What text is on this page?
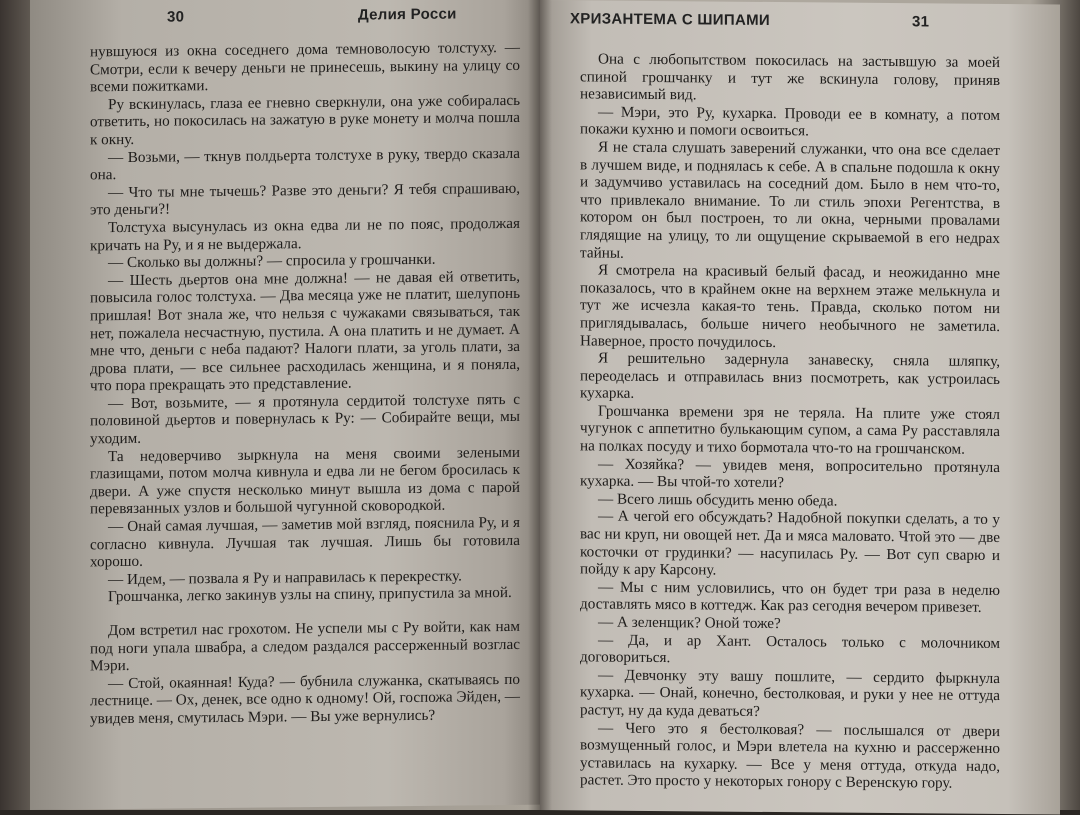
30	Делия Росси

нувшуюся из окна соседнего дома темноволосую толстуху. — Смотри, если к вечеру деньги не принесешь, выкину на улицу со всеми пожитками.

Ру вскинулась, глаза ее гневно сверкнули, она уже собиралась ответить, но покосилась на зажатую в руке монету и молча пошла к окну.

— Возьми, — ткнув полдьерта толстухе в руку, твердо сказала она.

— Что ты мне тычешь? Разве это деньги? Я тебя спрашиваю, это деньги?!

Толстуха высунулась из окна едва ли не по пояс, продолжая кричать на Ру, и я не выдержала.

— Сколько вы должны? — спросила у грошчанки.

— Шесть дьертов она мне должна! — не давая ей ответить, повысила голос толстуха. — Два месяца уже не платит, шелупонь пришлая! Вот знала же, что нельзя с чужаками связываться, так нет, пожалела несчастную, пустила. А она платить и не думает. А мне что, деньги с неба падают? Налоги плати, за уголь плати, за дрова плати, — все сильнее расходилась женщина, и я поняла, что пора прекращать это представление.

— Вот, возьмите, — я протянула сердитой толстухе пять с половиной дьертов и повернулась к Ру: — Собирайте вещи, мы уходим.

Та недоверчиво зыркнула на меня своими зелеными глазищами, потом молча кивнула и едва ли не бегом бросилась к двери. А уже спустя несколько минут вышла из дома с парой перевязанных узлов и большой чугунной сковородкой.

— Онай самая лучшая, — заметив мой взгляд, пояснила Ру, и я согласно кивнула. Лучшая так лучшая. Лишь бы готовила хорошо.

— Идем, — позвала я Ру и направилась к перекрестку.

Грошчанка, легко закинув узлы на спину, припустила за мной.

Дом встретил нас грохотом. Не успели мы с Ру войти, как нам под ноги упала швабра, а следом раздался рассерженный возглас Мэри.

— Стой, окаянная! Куда? — бубнила служанка, скатываясь по лестнице. — Ох, денек, все одно к одному! Ой, госпожа Эйден, — увидев меня, смутилась Мэри. — Вы уже вернулись?

ХРИЗАНТЕМА С ШИПАМИ	31

Она с любопытством покосилась на застывшую за моей спиной грошчанку и тут же вскинула голову, приняв независимый вид.

— Мэри, это Ру, кухарка. Проводи ее в комнату, а потом покажи кухню и помоги освоиться.

Я не стала слушать заверений служанки, что она все сделает в лучшем виде, и поднялась к себе. А в спальне подошла к окну и задумчиво уставилась на соседний дом. Было в нем что-то, что привлекало внимание. То ли стиль эпохи Регентства, в котором он был построен, то ли окна, черными провалами глядящие на улицу, то ли ощущение скрываемой в его недрах тайны.

Я смотрела на красивый белый фасад, и неожиданно мне показалось, что в крайнем окне на верхнем этаже мелькнула и тут же исчезла какая-то тень. Правда, сколько потом ни приглядывалась, больше ничего необычного не заметила. Наверное, просто почудилось.

Я решительно задернула занавеску, сняла шляпку, переоделась и отправилась вниз посмотреть, как устроилась кухарка.

Грошчанка времени зря не теряла. На плите уже стоял чугунок с аппетитно булькающим супом, а сама Ру расставляла на полках посуду и тихо бормотала что-то на грошчанском.

— Хозяйка? — увидев меня, вопросительно протянула кухарка. — Вы чтой-то хотели?

— Всего лишь обсудить меню обеда.

— А чегой его обсуждать? Надобной покупки сделать, а то у вас ни круп, ни овощей нет. Да и мяса маловато. Чтой это — две косточки от грудинки? — насупилась Ру. — Вот суп сварю и пойду к ару Карсону.

— Мы с ним условились, что он будет три раза в неделю доставлять мясо в коттедж. Как раз сегодня вечером привезет.

— А зеленщик? Оной тоже?

— Да, и ар Хант. Осталось только с молочником договориться.

— Девчонку эту вашу пошлите, — сердито фыркнула кухарка. — Онай, конечно, бестолковая, и руки у нее не оттуда растут, ну да куда деваться?

— Чего это я бестолковая? — послышался от двери возмущенный голос, и Мэри влетела на кухню и рассерженно уставилась на кухарку. — Все у меня оттуда, откуда надо, растет. Это просто у некоторых гонору с Веренскую гору.
